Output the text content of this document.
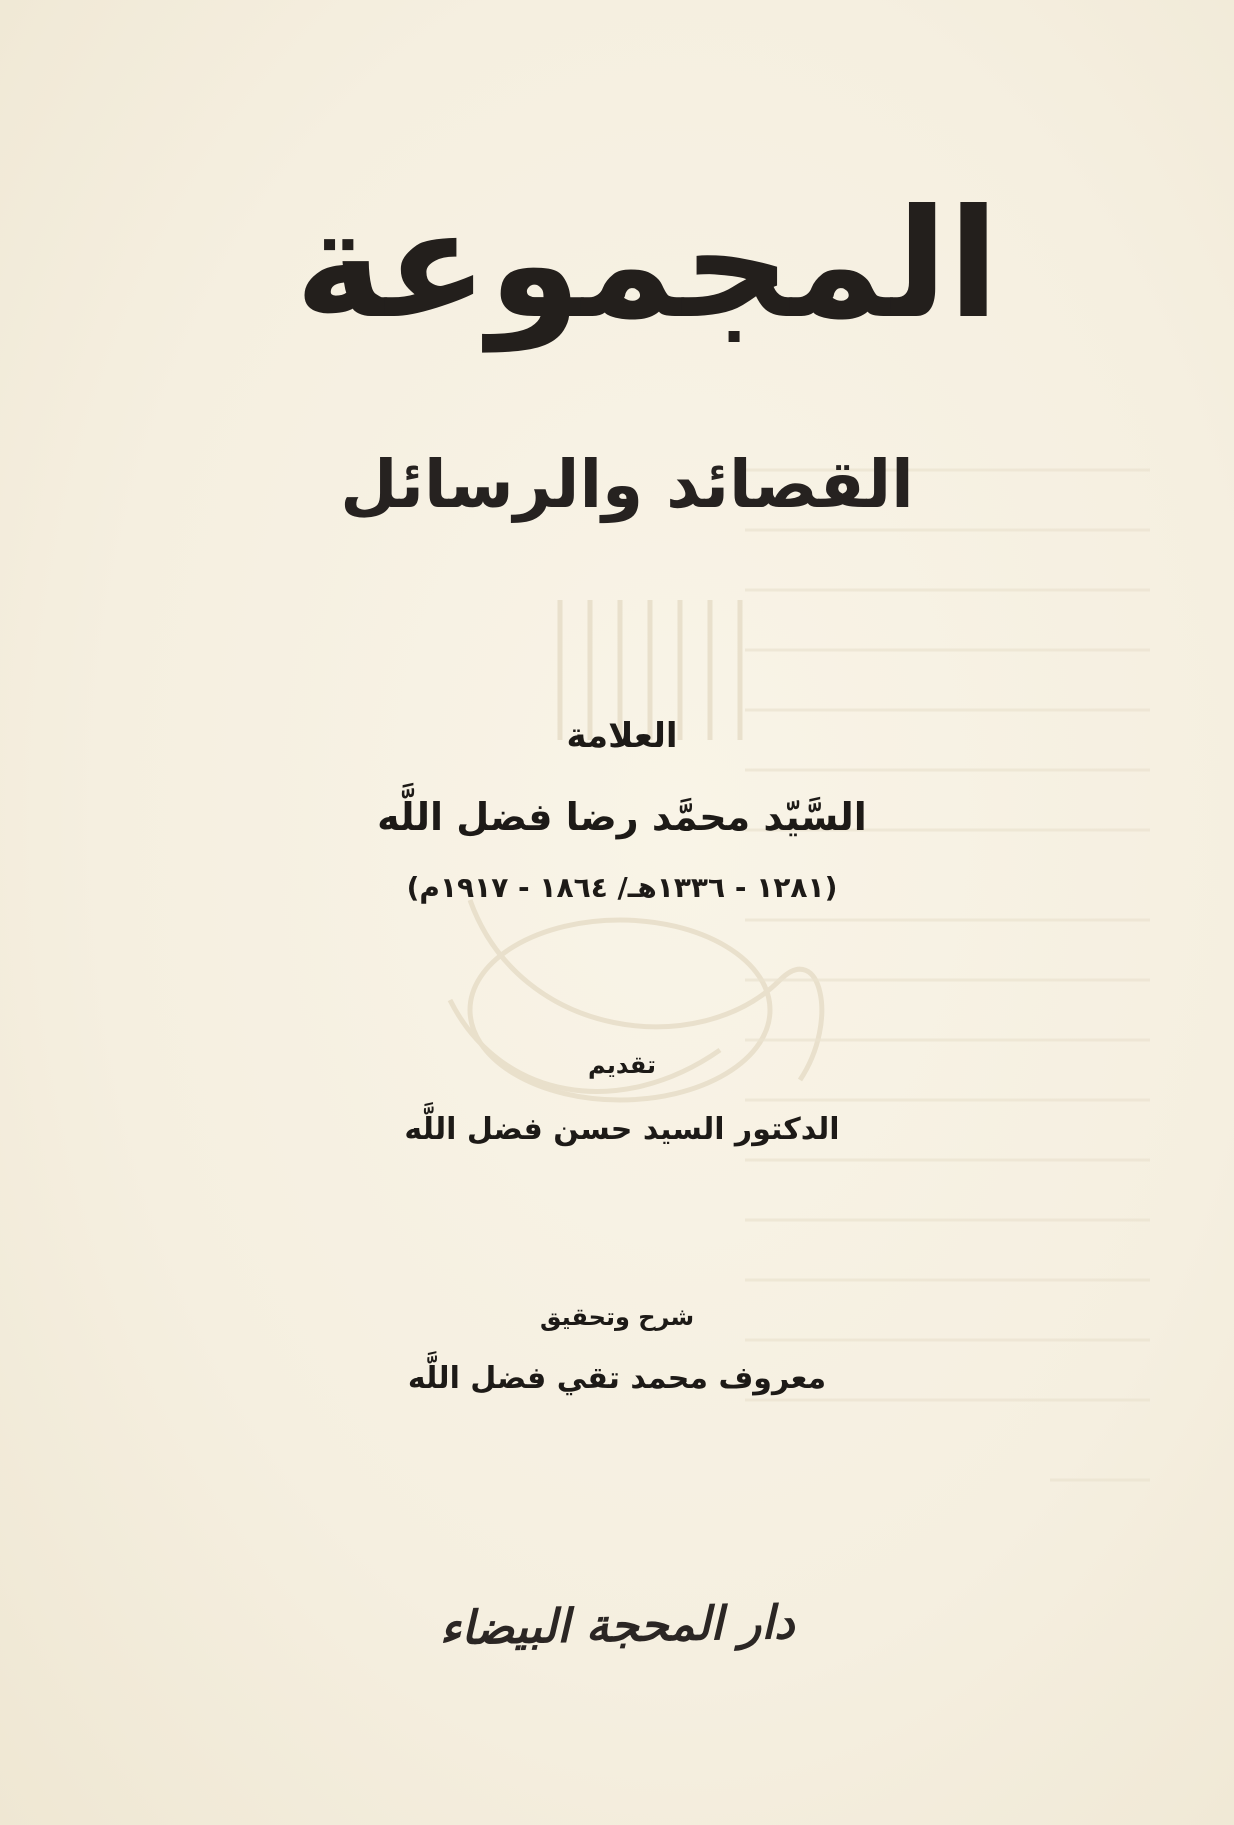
المجموعة
القصائد والرسائل
العلامة
السَّيّد محمَّد رضا فضل اللَّه
(١٢٨١ - ١٣٣٦هـ/ ١٨٦٤ - ١٩١٧م)
تقديم
الدكتور السيد حسن فضل اللَّه
شرح وتحقيق
معروف محمد تقي فضل اللَّه
دار المحجة البيضاء
